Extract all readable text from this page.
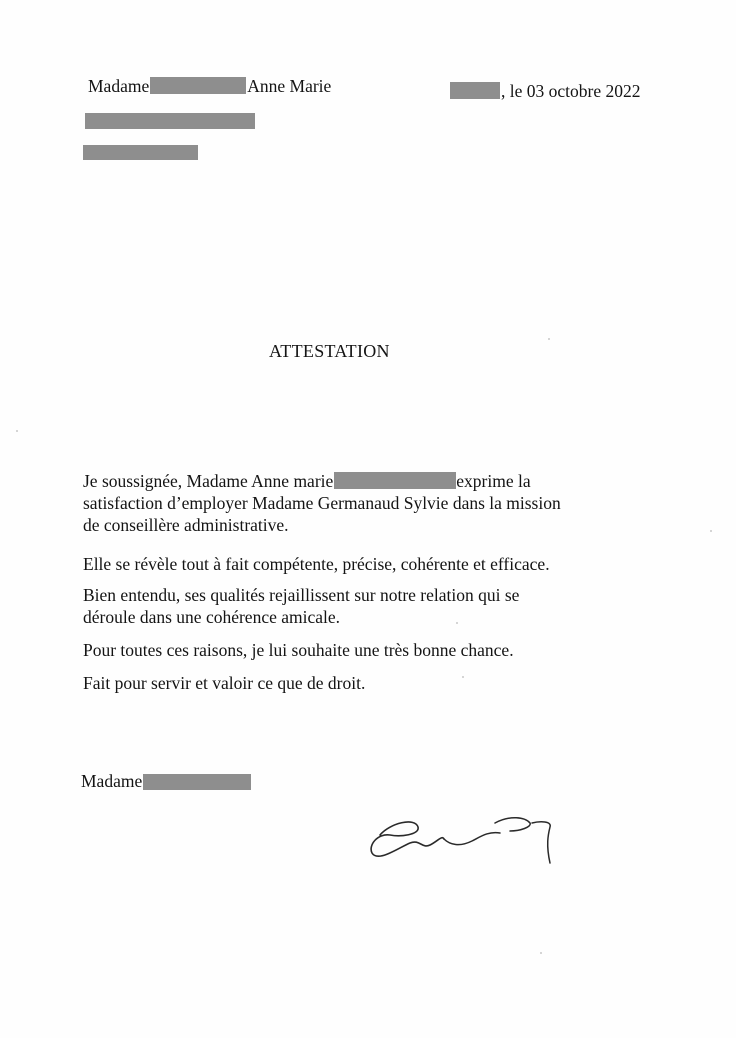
Madame	Anne Marie	, le 03 octobre 2022
ATTESTATION

Je soussignée, Madame Anne marie	exprime la
satisfaction d’employer Madame Germanaud Sylvie dans la mission
de conseillère administrative.

Elle se révèle tout à fait compétente, précise, cohérente et efficace.

Bien entendu, ses qualités rejaillissent sur notre relation qui se
déroule dans une cohérence amicale.

Pour toutes ces raisons, je lui souhaite une très bonne chance.

Fait pour servir et valoir ce que de droit.

Madame
